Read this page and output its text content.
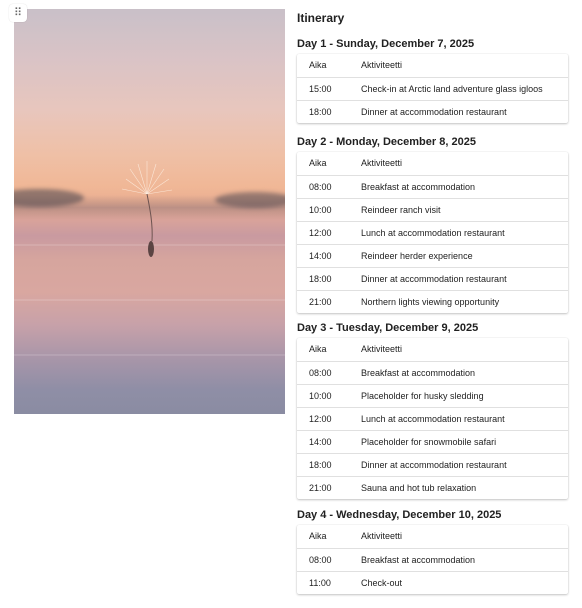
⠿	Itinerary
Day 1 - Sunday, December 7, 2025
Aika	Aktiviteetti
15:00	Check-in at Arctic land adventure glass igloos
18:00	Dinner at accommodation restaurant
Day 2 - Monday, December 8, 2025
Aika	Aktiviteetti
08:00	Breakfast at accommodation
10:00	Reindeer ranch visit
12:00	Lunch at accommodation restaurant
14:00	Reindeer herder experience
18:00	Dinner at accommodation restaurant
21:00	Northern lights viewing opportunity
Day 3 - Tuesday, December 9, 2025
Aika	Aktiviteetti
08:00	Breakfast at accommodation
10:00	Placeholder for husky sledding
12:00	Lunch at accommodation restaurant
14:00	Placeholder for snowmobile safari
18:00	Dinner at accommodation restaurant
21:00	Sauna and hot tub relaxation
Day 4 - Wednesday, December 10, 2025
Aika	Aktiviteetti
08:00	Breakfast at accommodation
11:00	Check-out
